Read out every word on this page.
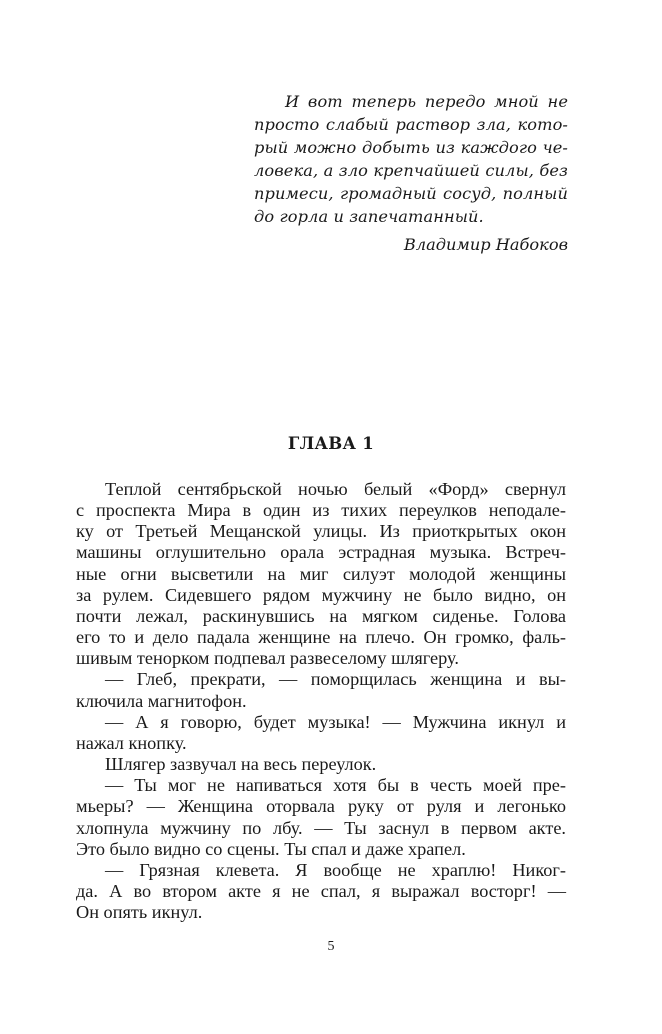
И вот теперь передо мной не
просто слабый раствор зла, кото-
рый можно добыть из каждого че-
ловека, а зло крепчайшей силы, без
примеси, громадный сосуд, полный
до горла и запечатанный.
Владимир Набоков
ГЛАВА 1
Теплой сентябрьской ночью белый «Форд» свернул
с проспекта Мира в один из тихих переулков неподале-
ку от Третьей Мещанской улицы. Из приоткрытых окон
машины оглушительно орала эстрадная музыка. Встреч-
ные огни высветили на миг силуэт молодой женщины
за рулем. Сидевшего рядом мужчину не было видно, он
почти лежал, раскинувшись на мягком сиденье. Голова
его то и дело падала женщине на плечо. Он громко, фаль-
шивым тенорком подпевал развеселому шлягеру.
— Глеб, прекрати, — поморщилась женщина и вы-
ключила магнитофон.
— А я говорю, будет музыка! — Мужчина икнул и
нажал кнопку.
Шлягер зазвучал на весь переулок.
— Ты мог не напиваться хотя бы в честь моей пре-
мьеры? — Женщина оторвала руку от руля и легонько
хлопнула мужчину по лбу. — Ты заснул в первом акте.
Это было видно со сцены. Ты спал и даже храпел.
— Грязная клевета. Я вообще не храплю! Никог-
да. А во втором акте я не спал, я выражал восторг! —
Он опять икнул.
5
